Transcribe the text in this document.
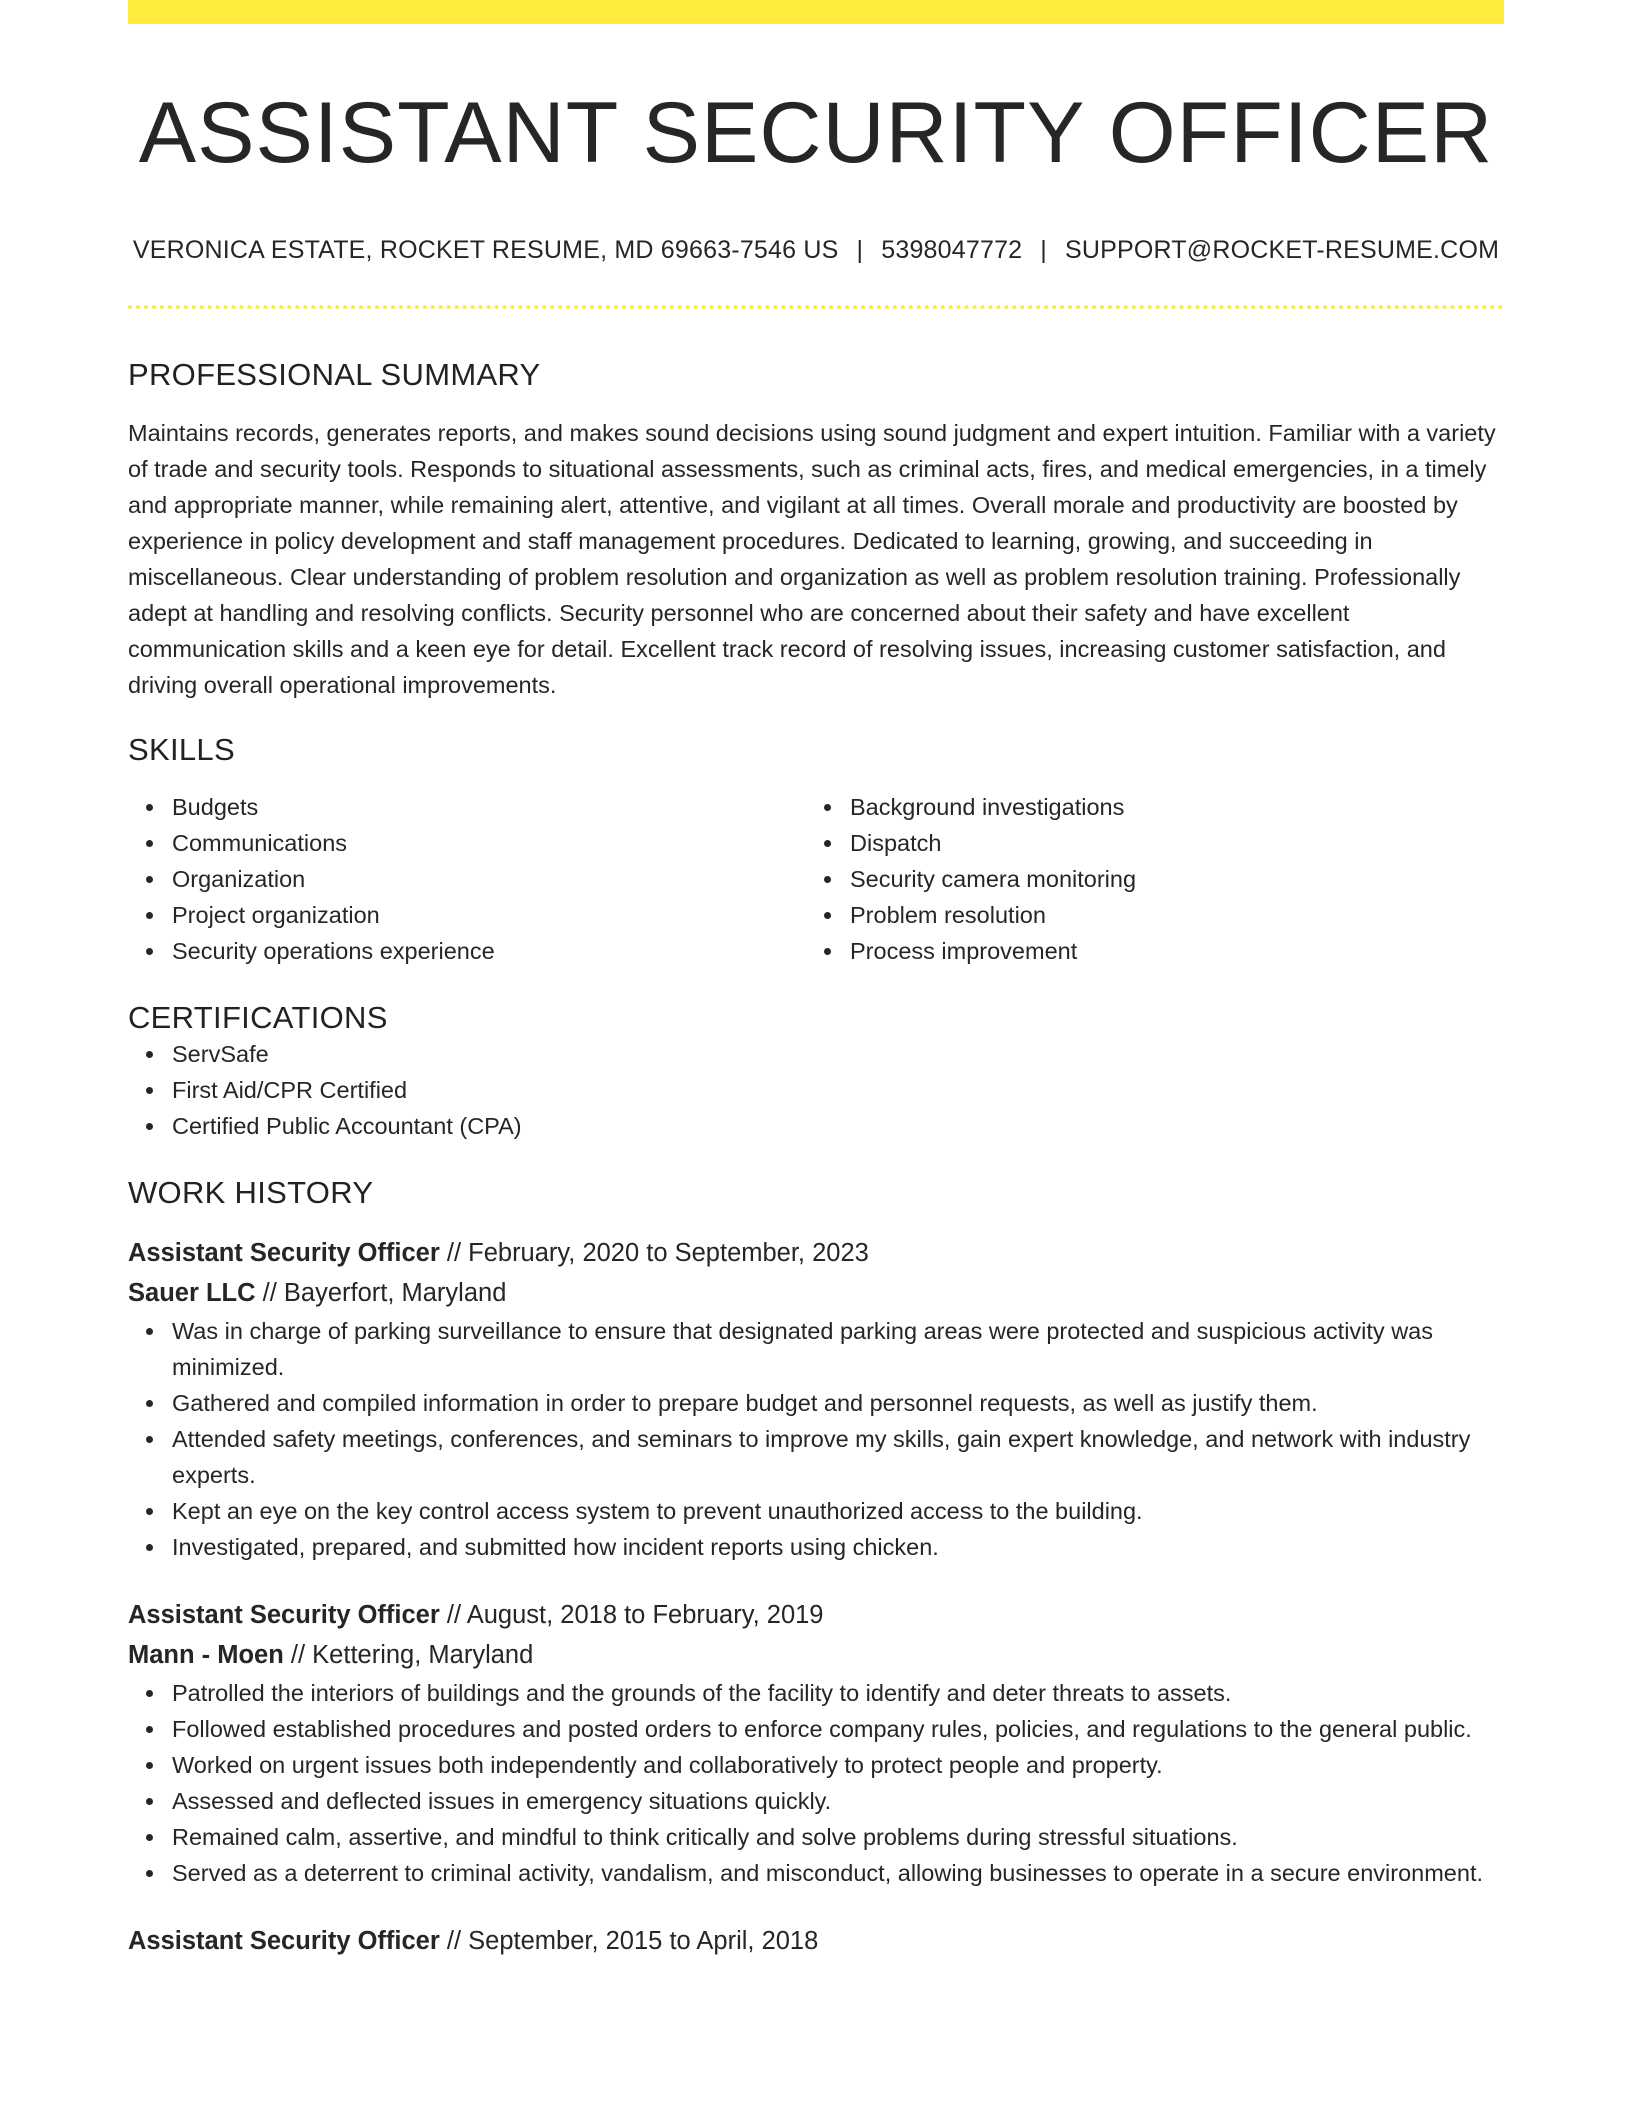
ASSISTANT SECURITY OFFICER
VERONICA ESTATE, ROCKET RESUME, MD 69663-7546 US | 5398047772 | SUPPORT@ROCKET-RESUME.COM
PROFESSIONAL SUMMARY

Maintains records, generates reports, and makes sound decisions using sound judgment and expert intuition. Familiar with a variety of trade and security tools. Responds to situational assessments, such as criminal acts, fires, and medical emergencies, in a timely and appropriate manner, while remaining alert, attentive, and vigilant at all times. Overall morale and productivity are boosted by experience in policy development and staff management procedures. Dedicated to learning, growing, and succeeding in miscellaneous. Clear understanding of problem resolution and organization as well as problem resolution training. Professionally adept at handling and resolving conflicts. Security personnel who are concerned about their safety and have excellent communication skills and a keen eye for detail. Excellent track record of resolving issues, increasing customer satisfaction, and driving overall operational improvements.

SKILLS
Budgets
Communications
Organization
Project organization
Security operations experience
Background investigations
Dispatch
Security camera monitoring
Problem resolution
Process improvement
CERTIFICATIONS
ServSafe
First Aid/CPR Certified
Certified Public Accountant (CPA)
WORK HISTORY
Assistant Security Officer // February, 2020 to September, 2023
Sauer LLC // Bayerfort, Maryland
Was in charge of parking surveillance to ensure that designated parking areas were protected and suspicious activity was minimized.
Gathered and compiled information in order to prepare budget and personnel requests, as well as justify them.
Attended safety meetings, conferences, and seminars to improve my skills, gain expert knowledge, and network with industry experts.
Kept an eye on the key control access system to prevent unauthorized access to the building.
Investigated, prepared, and submitted how incident reports using chicken.
Assistant Security Officer // August, 2018 to February, 2019
Mann - Moen // Kettering, Maryland
Patrolled the interiors of buildings and the grounds of the facility to identify and deter threats to assets.
Followed established procedures and posted orders to enforce company rules, policies, and regulations to the general public.
Worked on urgent issues both independently and collaboratively to protect people and property.
Assessed and deflected issues in emergency situations quickly.
Remained calm, assertive, and mindful to think critically and solve problems during stressful situations.
Served as a deterrent to criminal activity, vandalism, and misconduct, allowing businesses to operate in a secure environment.
Assistant Security Officer // September, 2015 to April, 2018
